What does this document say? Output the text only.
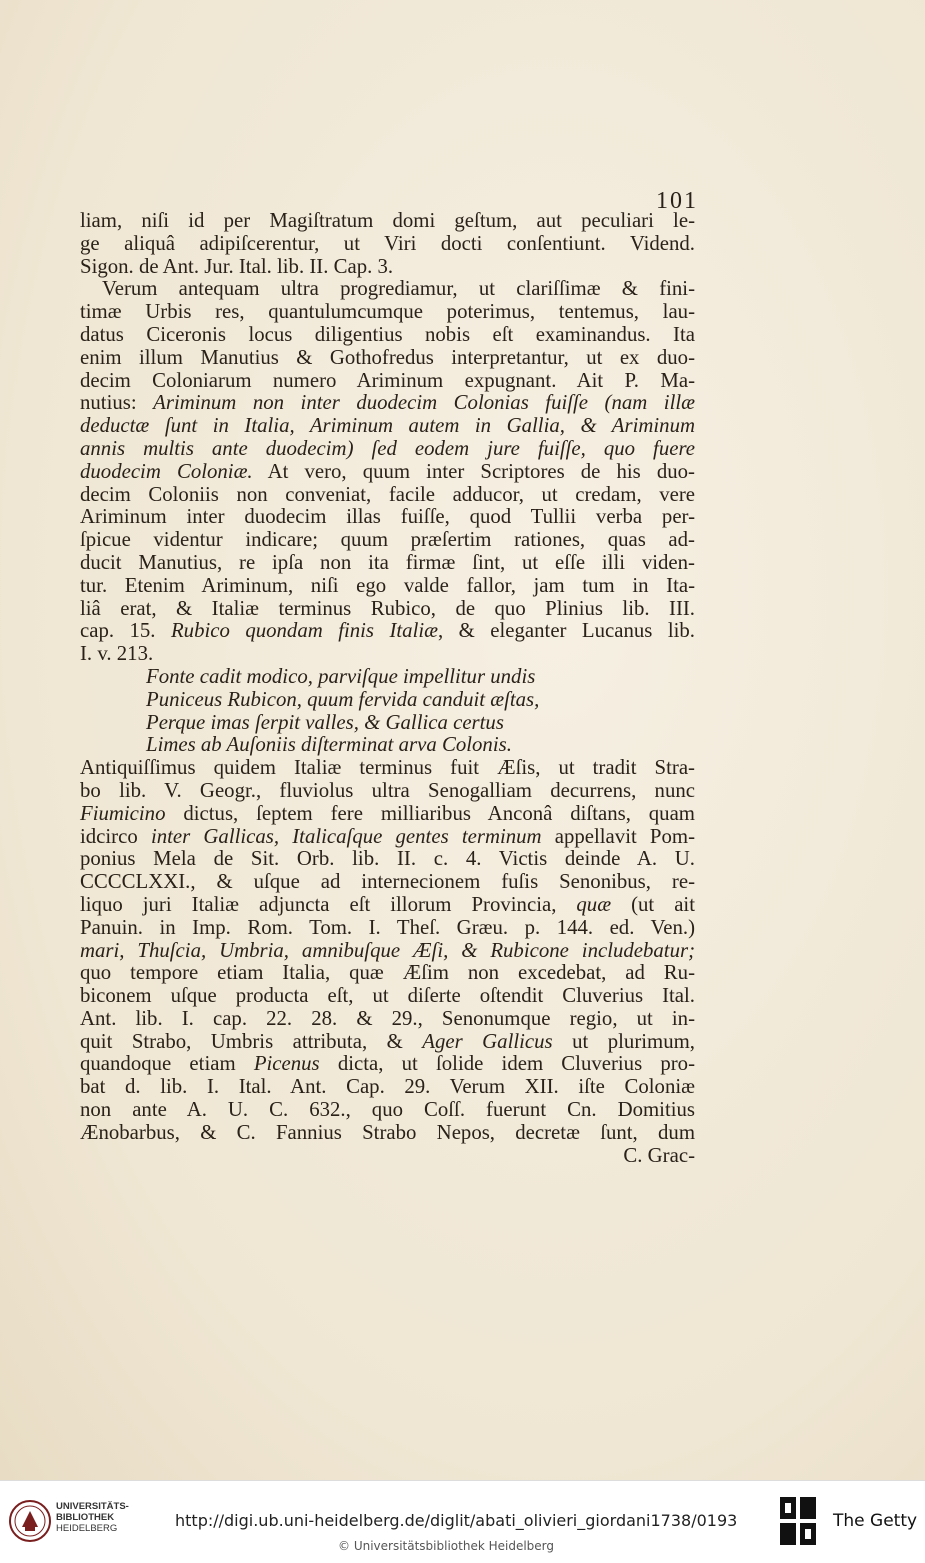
101
liam, niſi id per Magiſtratum domi geſtum, aut peculiari le-
ge aliquâ adipiſcerentur, ut Viri docti conſentiunt. Vidend.
Sigon. de Ant. Jur. Ital. lib. II. Cap. 3.
Verum antequam ultra progrediamur, ut clariſſimæ & fini-
timæ Urbis res, quantulumcumque poterimus, tentemus, lau-
datus Ciceronis locus diligentius nobis eſt examinandus. Ita
enim illum Manutius & Gothofredus interpretantur, ut ex duo-
decim Coloniarum numero Ariminum expugnant. Ait P. Ma-
nutius: Ariminum non inter duodecim Colonias fuiſſe (nam illæ
deductæ ſunt in Italia, Ariminum autem in Gallia, & Ariminum
annis multis ante duodecim) ſed eodem jure fuiſſe, quo fuere
duodecim Coloniæ. At vero, quum inter Scriptores de his duo-
decim Coloniis non conveniat, facile adducor, ut credam, vere
Ariminum inter duodecim illas fuiſſe, quod Tullii verba per-
ſpicue videntur indicare; quum præſertim rationes, quas ad-
ducit Manutius, re ipſa non ita firmæ ſint, ut eſſe illi viden-
tur. Etenim Ariminum, niſi ego valde fallor, jam tum in Ita-
liâ erat, & Italiæ terminus Rubico, de quo Plinius lib. III.
cap. 15. Rubico quondam finis Italiæ, & eleganter Lucanus lib.
I. v. 213.
Fonte cadit modico, parviſque impellitur undis
Puniceus Rubicon, quum fervida canduit æſtas,
Perque imas ſerpit valles, & Gallica certus
Limes ab Auſoniis diſterminat arva Colonis.
Antiquiſſimus quidem Italiæ terminus fuit Æſis, ut tradit Stra-
bo lib. V. Geogr., fluviolus ultra Senogalliam decurrens, nunc
Fiumicino dictus, ſeptem fere milliaribus Anconâ diſtans, quam
idcirco inter Gallicas, Italicaſque gentes terminum appellavit Pom-
ponius Mela de Sit. Orb. lib. II. c. 4. Victis deinde A. U.
CCCCLXXI., & uſque ad internecionem fuſis Senonibus, re-
liquo juri Italiæ adjuncta eſt illorum Provincia, quæ (ut ait
Panuin. in Imp. Rom. Tom. I. Theſ. Græu. p. 144. ed. Ven.)
mari, Thuſcia, Umbria, amnibuſque Æſi, & Rubicone includebatur;
quo tempore etiam Italia, quæ Æſim non excedebat, ad Ru-
biconem uſque producta eſt, ut diſerte oſtendit Cluverius Ital.
Ant. lib. I. cap. 22. 28. & 29., Senonumque regio, ut in-
quit Strabo, Umbris attributa, & Ager Gallicus ut plurimum,
quandoque etiam Picenus dicta, ut ſolide idem Cluverius pro-
bat d. lib. I. Ital. Ant. Cap. 29. Verum XII. iſte Coloniæ
non ante A. U. C. 632., quo Coſſ. fuerunt Cn. Domitius
Ænobarbus, & C. Fannius Strabo Nepos, decretæ ſunt, dum
C. Grac-
UNIVERSITÄTS-
BIBLIOTHEK
HEIDELBERG	http://digi.ub.uni-heidelberg.de/diglit/abati_olivieri_giordani1738/0193
© Universitätsbibliothek Heidelberg
The Getty
